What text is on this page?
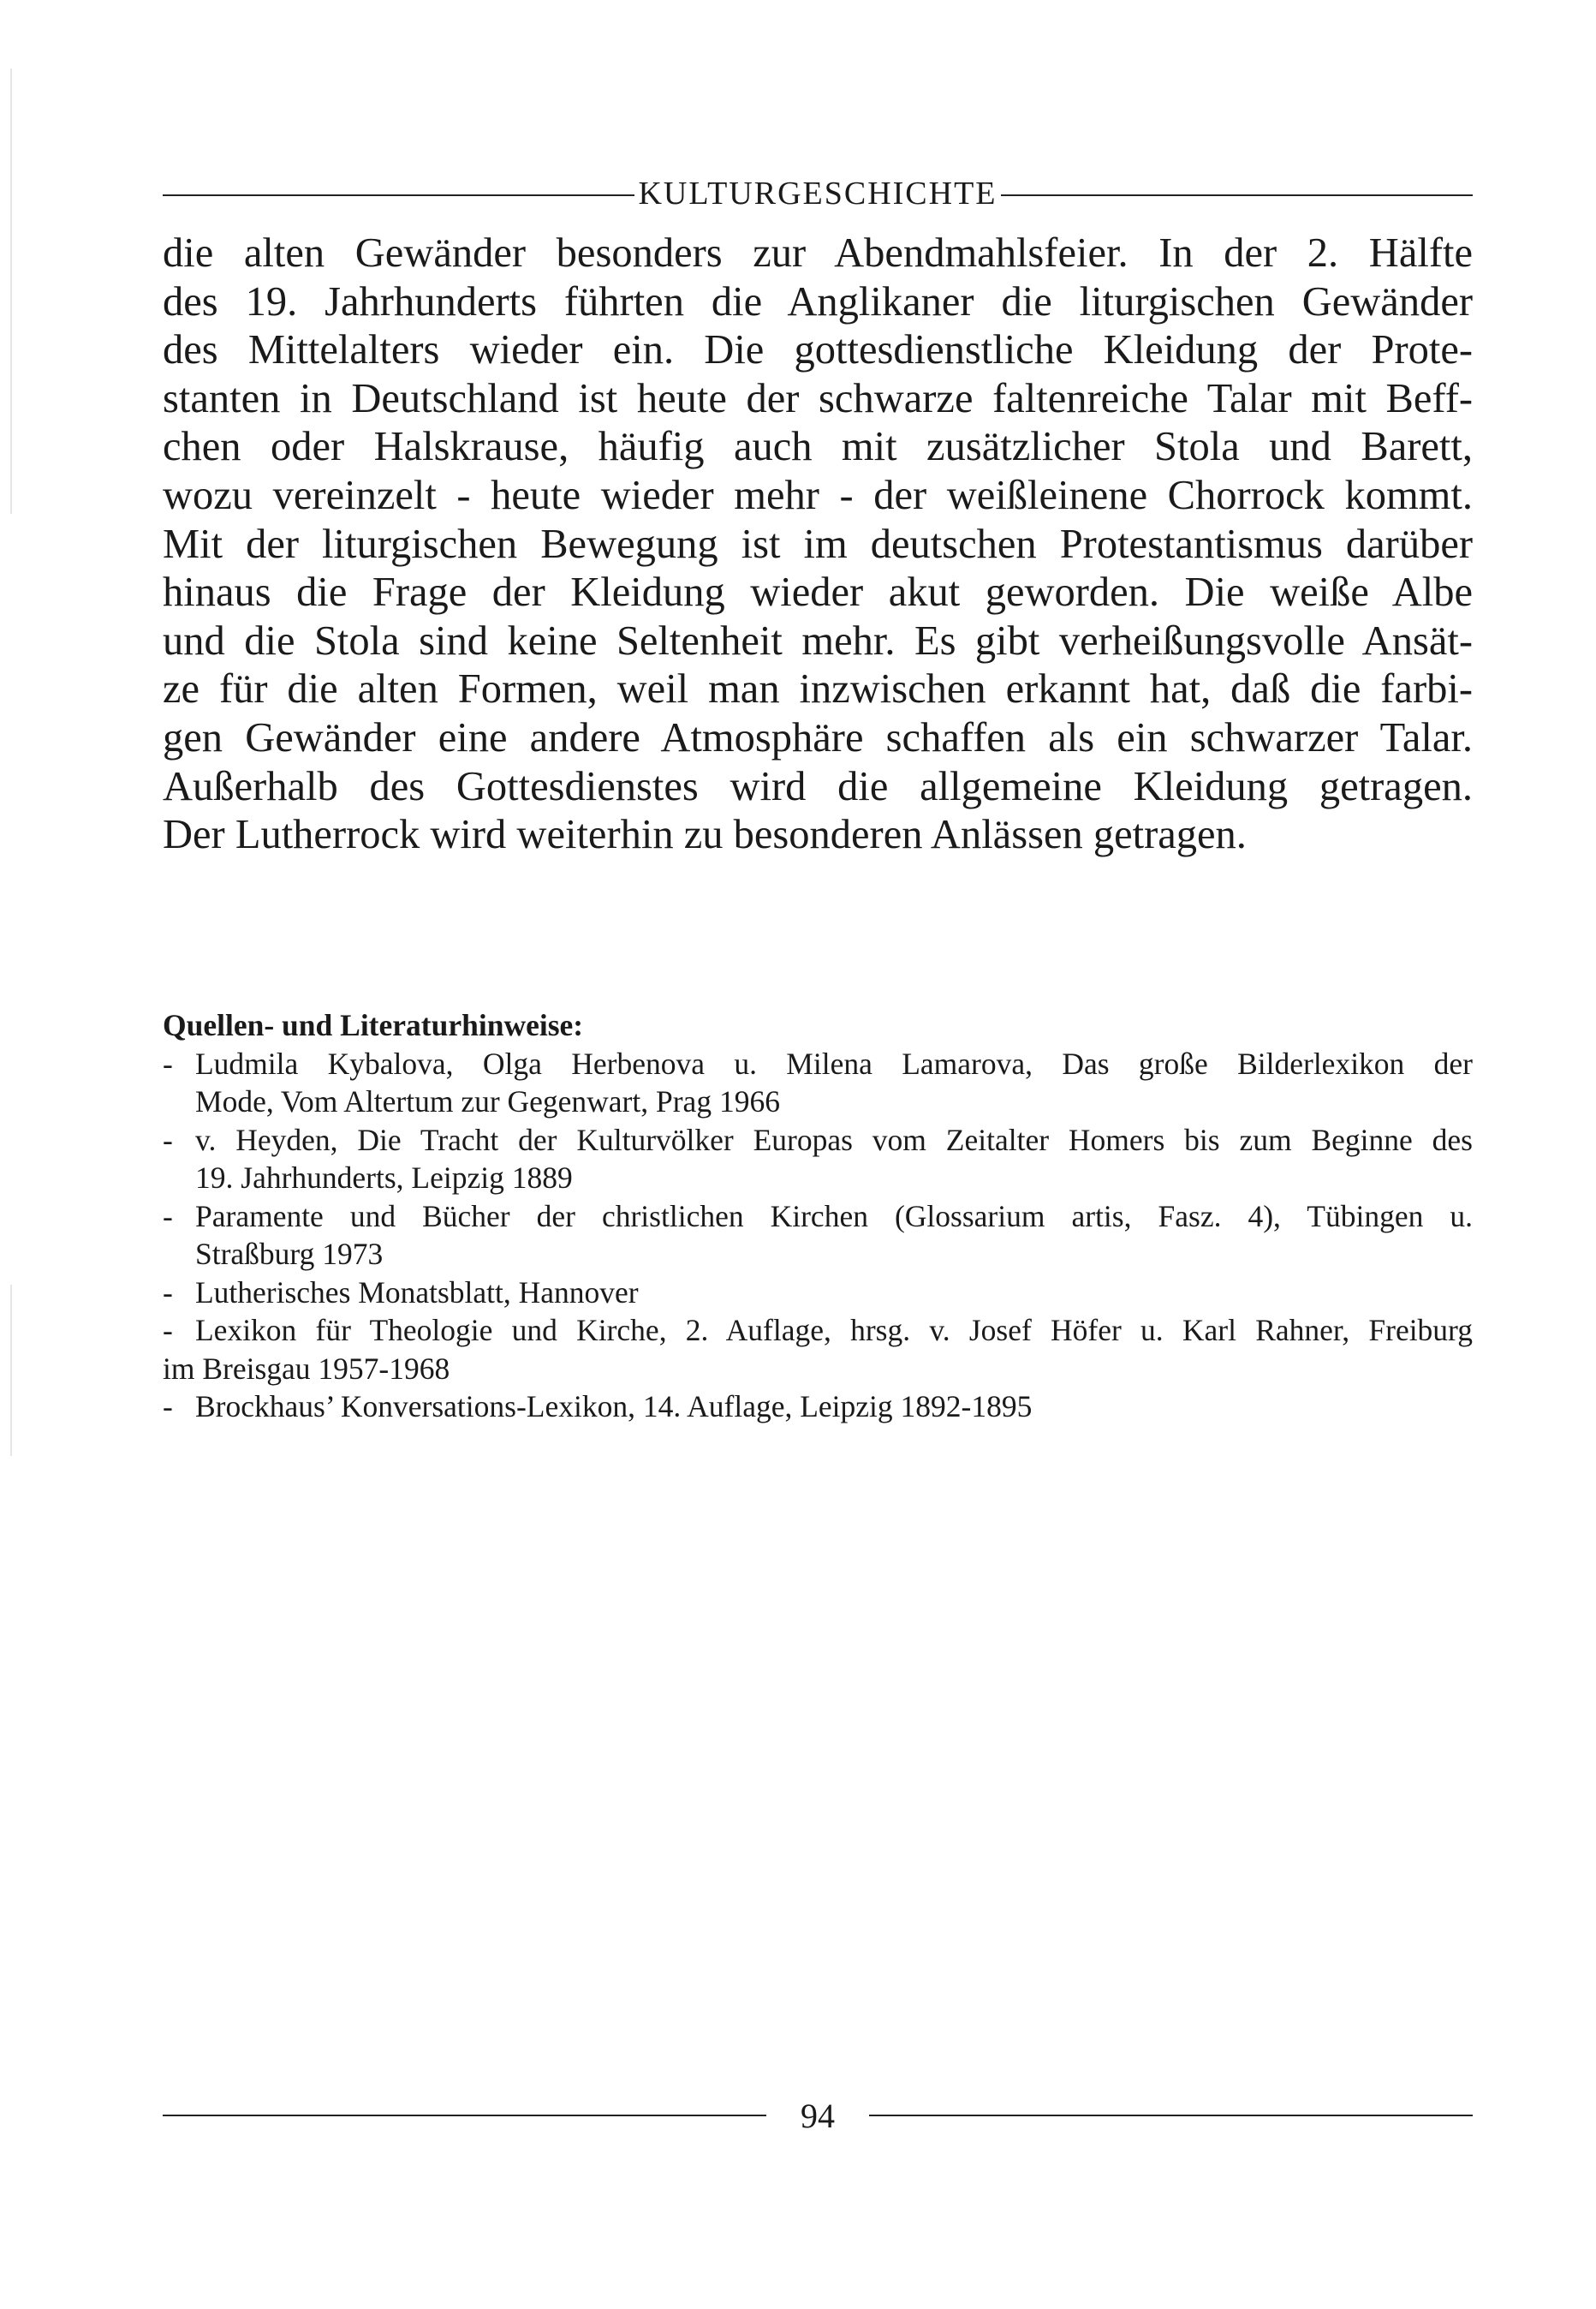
KULTURGESCHICHTE
die alten Gewänder besonders zur Abendmahlsfeier. In der 2. Hälfte
des 19. Jahrhunderts führten die Anglikaner die liturgischen Gewänder
des Mittelalters wieder ein. Die gottesdienstliche Kleidung der Prote-
stanten in Deutschland ist heute der schwarze faltenreiche Talar mit Beff-
chen oder Halskrause, häufig auch mit zusätzlicher Stola und Barett,
wozu vereinzelt - heute wieder mehr - der weißleinene Chorrock kommt.
Mit der liturgischen Bewegung ist im deutschen Protestantismus darüber
hinaus die Frage der Kleidung wieder akut geworden. Die weiße Albe
und die Stola sind keine Seltenheit mehr. Es gibt verheißungsvolle Ansät-
ze für die alten Formen, weil man inzwischen erkannt hat, daß die farbi-
gen Gewänder eine andere Atmosphäre schaffen als ein schwarzer Talar.
Außerhalb des Gottesdienstes wird die allgemeine Kleidung getragen.
Der Lutherrock wird weiterhin zu besonderen Anlässen getragen.
Quellen- und Literaturhinweise:
- Ludmila Kybalova, Olga Herbenova u. Milena Lamarova, Das große Bilderlexikon der
Mode, Vom Altertum zur Gegenwart, Prag 1966
- v. Heyden, Die Tracht der Kulturvölker Europas vom Zeitalter Homers bis zum Beginne des
19. Jahrhunderts, Leipzig 1889
- Paramente und Bücher der christlichen Kirchen (Glossarium artis, Fasz. 4), Tübingen u.
Straßburg 1973
- Lutherisches Monatsblatt, Hannover
- Lexikon für Theologie und Kirche, 2. Auflage, hrsg. v. Josef Höfer u. Karl Rahner, Freiburg
im Breisgau 1957-1968
- Brockhaus’ Konversations-Lexikon, 14. Auflage, Leipzig 1892-1895
94
